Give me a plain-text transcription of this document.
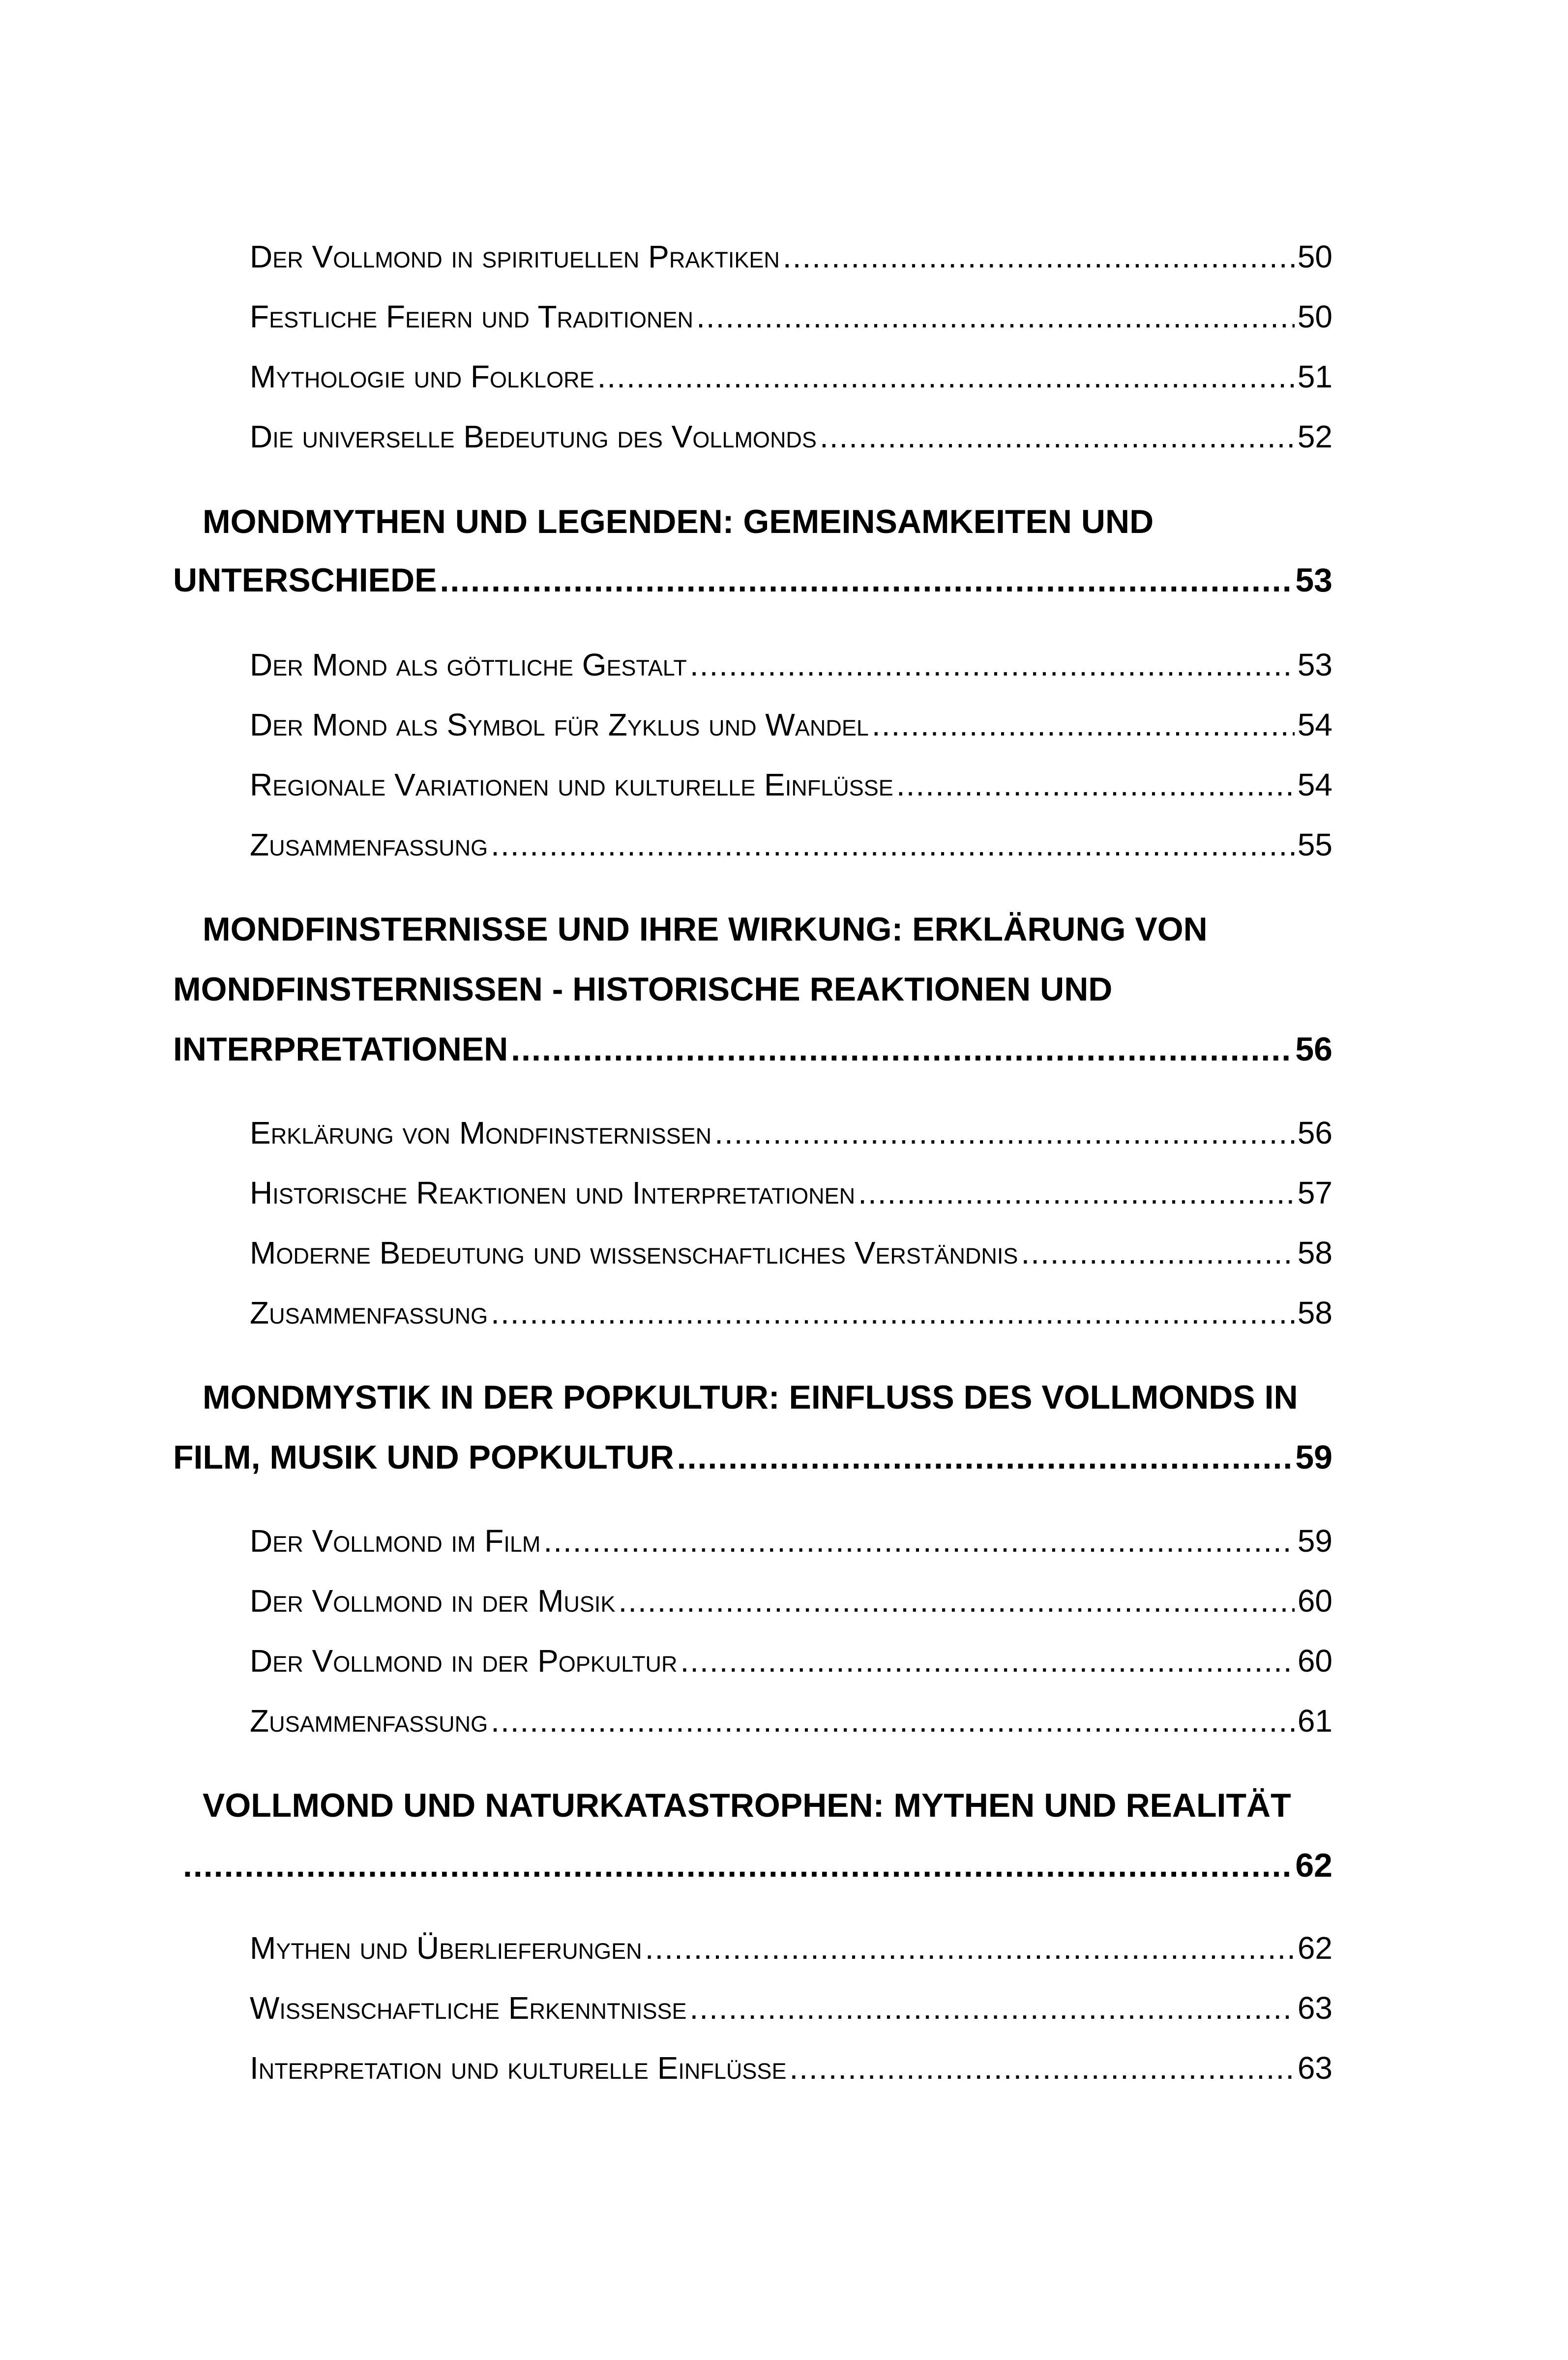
Der Vollmond in spirituellen Praktiken .....	50
Festliche Feiern und Traditionen .....	50
Mythologie und Folklore .....	51
Die universelle Bedeutung des Vollmonds .....	52
MONDMYTHEN UND LEGENDEN: GEMEINSAMKEITEN UND
UNTERSCHIEDE .....	53
Der Mond als göttliche Gestalt .....	53
Der Mond als Symbol für Zyklus und Wandel .....	54
Regionale Variationen und kulturelle Einflüsse .....	54
Zusammenfassung .....	55
MONDFINSTERNISSE UND IHRE WIRKUNG: ERKLÄRUNG VON
MONDFINSTERNISSEN - HISTORISCHE REAKTIONEN UND
INTERPRETATIONEN .....	56
Erklärung von Mondfinsternissen .....	56
Historische Reaktionen und Interpretationen .....	57
Moderne Bedeutung und wissenschaftliches Verständnis .....	58
Zusammenfassung .....	58
MONDMYSTIK IN DER POPKULTUR: EINFLUSS DES VOLLMONDS IN
FILM, MUSIK UND POPKULTUR .....	59
Der Vollmond im Film .....	59
Der Vollmond in der Musik .....	60
Der Vollmond in der Popkultur .....	60
Zusammenfassung .....	61
VOLLMOND UND NATURKATASTROPHEN: MYTHEN UND REALITÄT
.....
62
Mythen und Überlieferungen .....	62
Wissenschaftliche Erkenntnisse .....	63
Interpretation und kulturelle Einflüsse .....	63
